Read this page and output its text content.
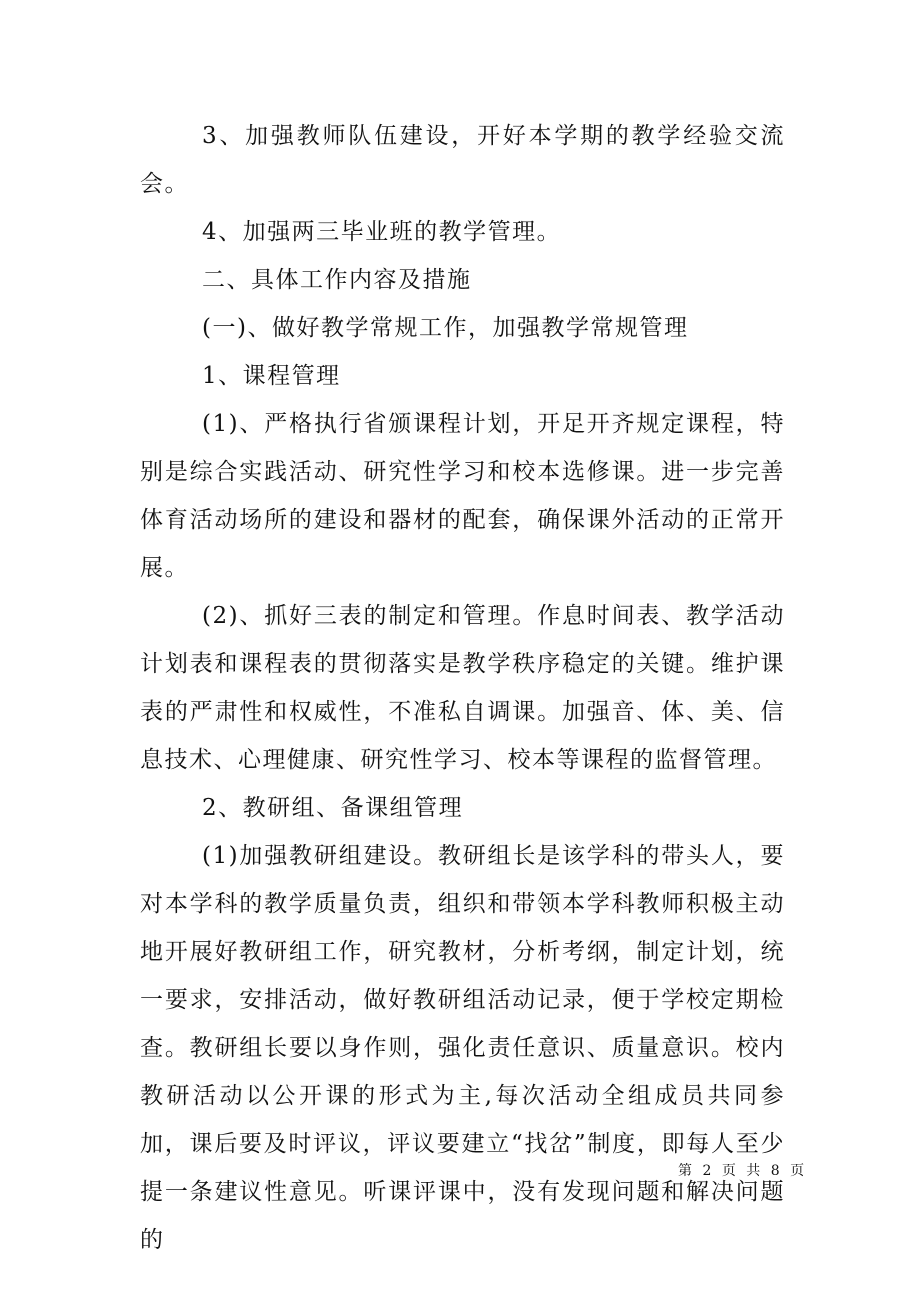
3、加强教师队伍建设，开好本学期的教学经验交流会。

4、加强两三毕业班的教学管理。

二、具体工作内容及措施

(一)、做好教学常规工作，加强教学常规管理

1、课程管理

(1)、严格执行省颁课程计划，开足开齐规定课程，特别是综合实践活动、研究性学习和校本选修课。进一步完善体育活动场所的建设和器材的配套，确保课外活动的正常开展。

(2)、抓好三表的制定和管理。作息时间表、教学活动计划表和课程表的贯彻落实是教学秩序稳定的关键。维护课表的严肃性和权威性，不准私自调课。加强音、体、美、信息技术、心理健康、研究性学习、校本等课程的监督管理。

2、教研组、备课组管理

(1)加强教研组建设。教研组长是该学科的带头人，要对本学科的教学质量负责，组织和带领本学科教师积极主动地开展好教研组工作，研究教材，分析考纲，制定计划，统一要求，安排活动，做好教研组活动记录，便于学校定期检查。教研组长要以身作则，强化责任意识、质量意识。校内教研活动以公开课的形式为主,每次活动全组成员共同参加，课后要及时评议，评议要建立“找岔”制度，即每人至少提一条建议性意见。听课评课中，没有发现问题和解决问题的

第 2 页 共 8 页
